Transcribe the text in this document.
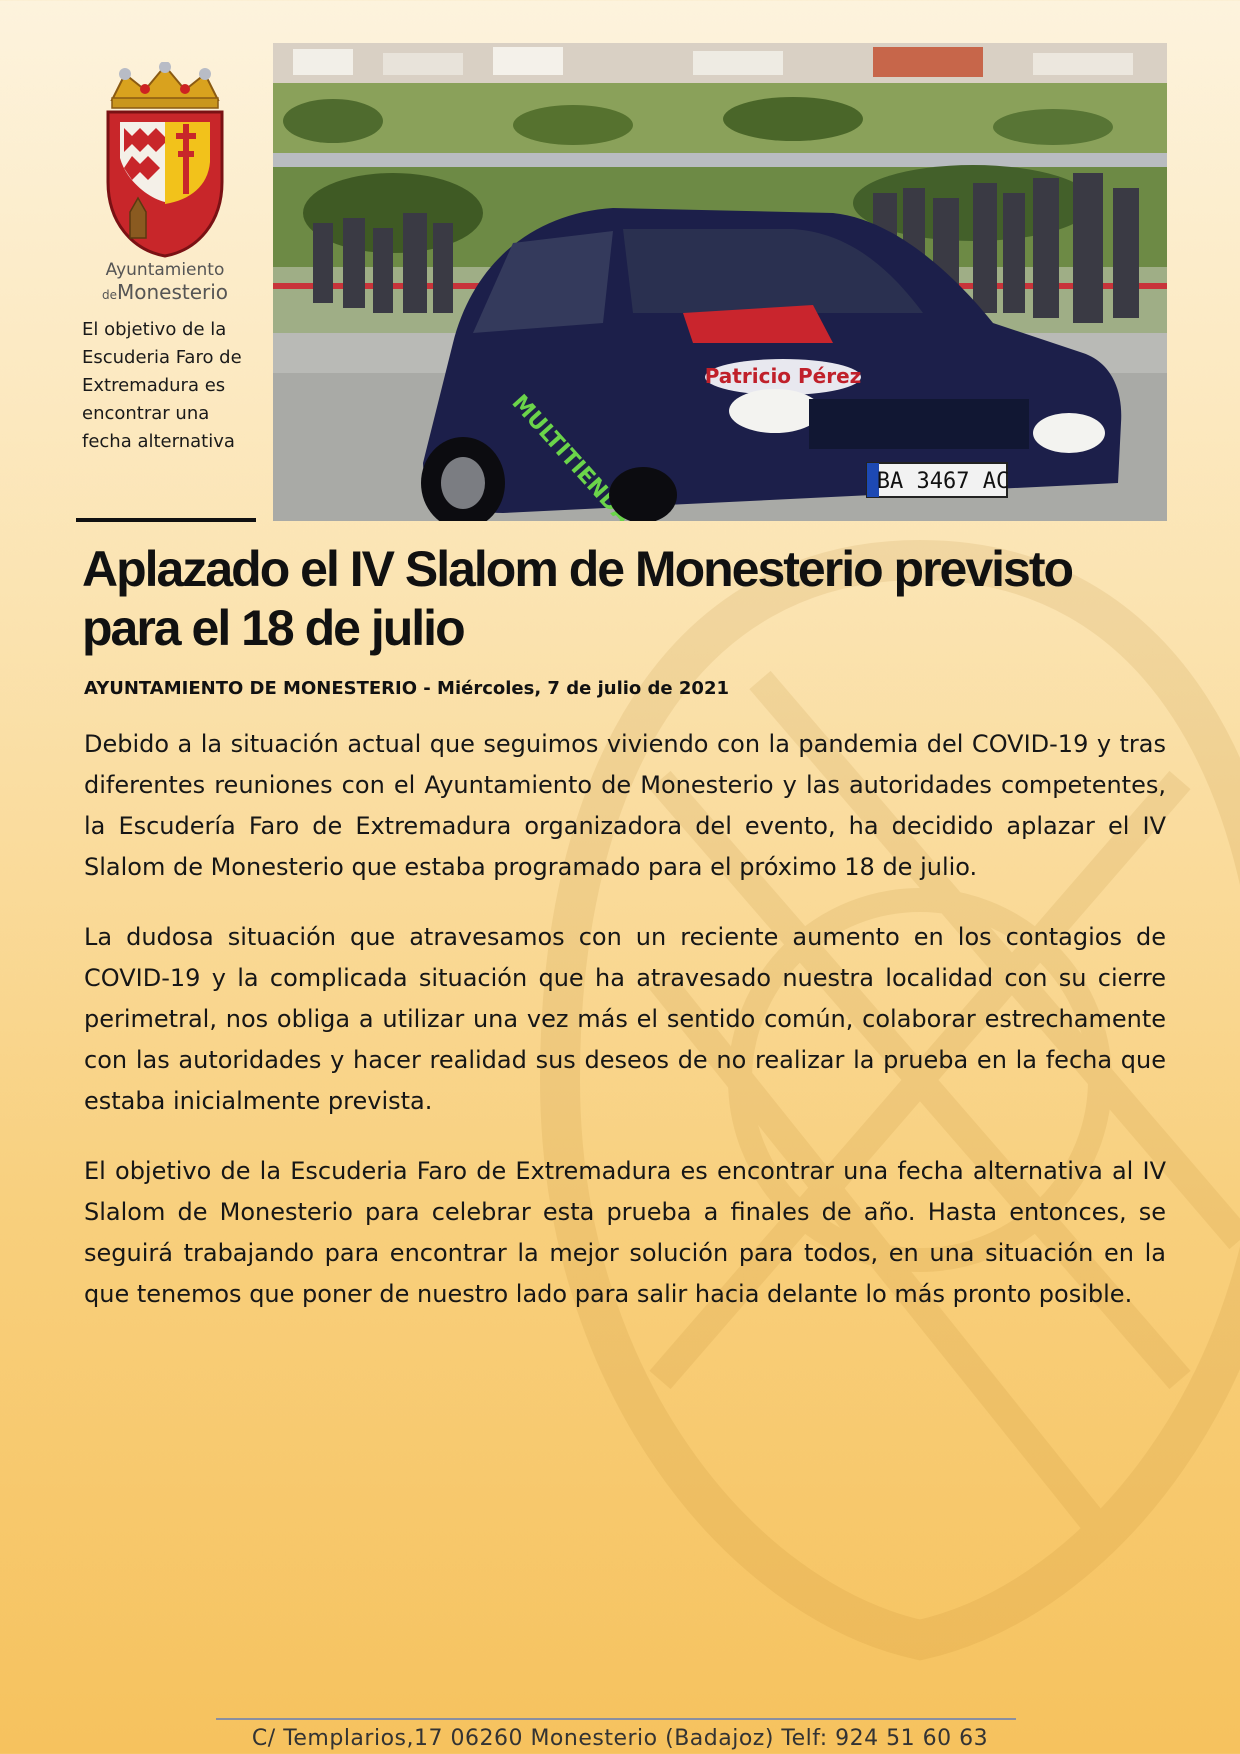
Ayuntamiento
deMonesterio
El objetivo de la Escuderia Faro de Extremadura es encontrar una fecha alternativa
Patricio Pérez
BA 3467 AC
Aplazado el IV Slalom de Monesterio previsto para el 18 de julio
AYUNTAMIENTO DE MONESTERIO - Miércoles, 7 de julio de 2021

Debido a la situación actual que seguimos viviendo con la pandemia del COVID-19 y tras diferentes reuniones con el Ayuntamiento de Monesterio y las autoridades competentes, la Escudería Faro de Extremadura organizadora del evento, ha decidido aplazar el IV Slalom de Monesterio que estaba programado para el próximo 18 de julio.

La dudosa situación que atravesamos con un reciente aumento en los contagios de COVID-19 y la complicada situación que ha atravesado nuestra localidad con su cierre perimetral, nos obliga a utilizar una vez más el sentido común, colaborar estrechamente con las autoridades y hacer realidad sus deseos de no realizar la prueba en la fecha que estaba inicialmente prevista.

El objetivo de la Escuderia Faro de Extremadura es encontrar una fecha alternativa al IV Slalom de Monesterio para celebrar esta prueba a finales de año. Hasta entonces, se seguirá trabajando para encontrar la mejor solución para todos, en una situación en la que tenemos que poner de nuestro lado para salir hacia delante lo más pronto posible.

C/ Templarios,17 06260 Monesterio (Badajoz) Telf: 924 51 60 63
